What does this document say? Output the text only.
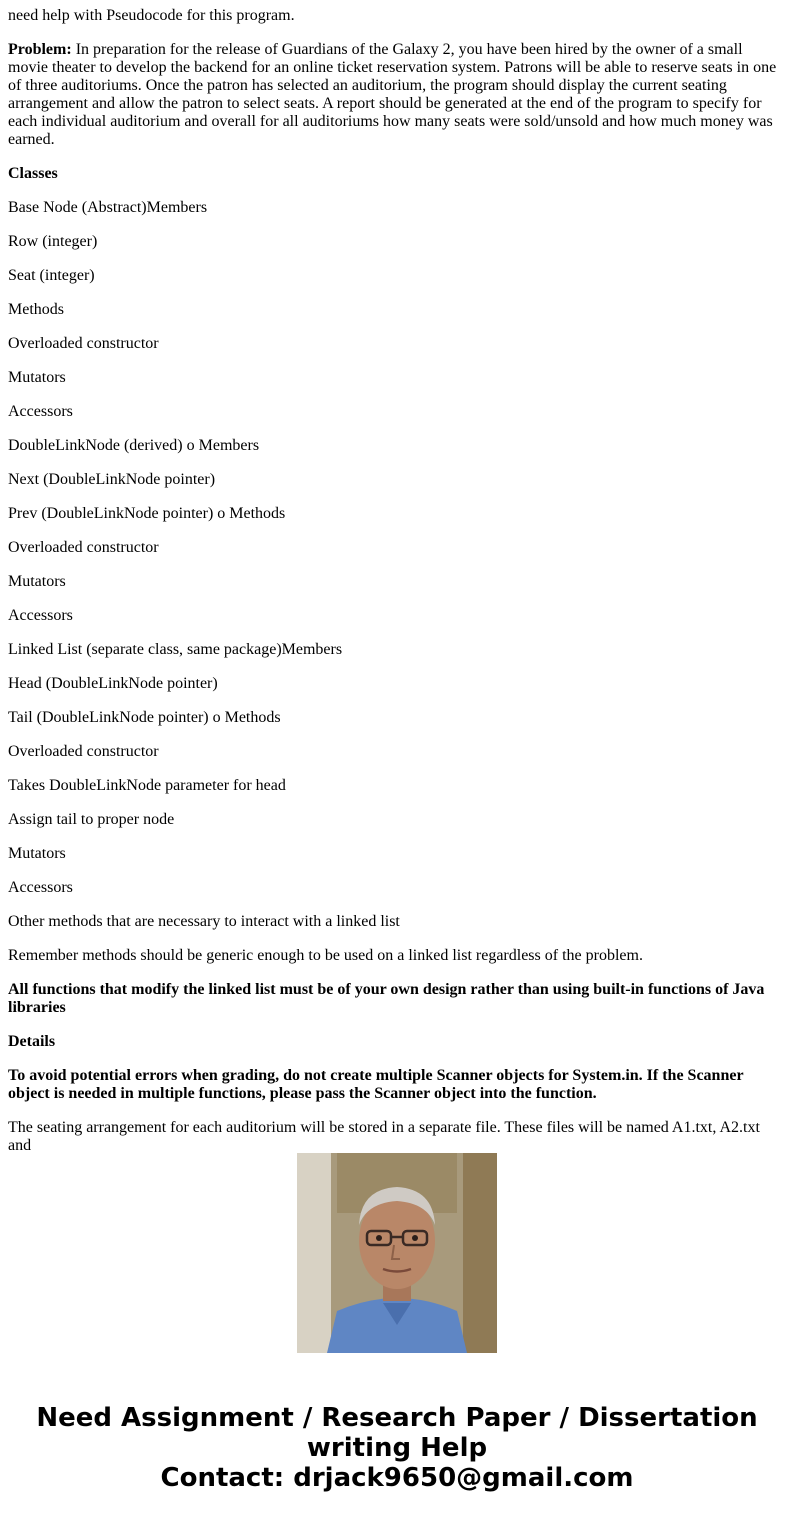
need help with Pseudocode for this program.

Problem: In preparation for the release of Guardians of the Galaxy 2, you have been hired by the owner of a small movie theater to develop the backend for an online ticket reservation system. Patrons will be able to reserve seats in one of three auditoriums. Once the patron has selected an auditorium, the program should display the current seating arrangement and allow the patron to select seats. A report should be generated at the end of the program to specify for each individual auditorium and overall for all auditoriums how many seats were sold/unsold and how much money was earned.

Classes

Base Node (Abstract)Members

Row (integer)

Seat (integer)

Methods

Overloaded constructor

Mutators

Accessors

DoubleLinkNode (derived) o Members

Next (DoubleLinkNode pointer)

Prev (DoubleLinkNode pointer) o Methods

Overloaded constructor

Mutators

Accessors

Linked List (separate class, same package)Members

Head (DoubleLinkNode pointer)

Tail (DoubleLinkNode pointer) o Methods

Overloaded constructor

Takes DoubleLinkNode parameter for head

Assign tail to proper node

Mutators

Accessors

Other methods that are necessary to interact with a linked list

Remember methods should be generic enough to be used on a linked list regardless of the problem.

All functions that modify the linked list must be of your own design rather than using built-in functions of Java libraries

Details

To avoid potential errors when grading, do not create multiple Scanner objects for System.in. If the Scanner object is needed in multiple functions, please pass the Scanner object into the function.

The seating arrangement for each auditorium will be stored in a separate file. These files will be named A1.txt, A2.txt and

Need Assignment / Research Paper / Dissertation
writing Help
Contact: drjack9650@gmail.com
